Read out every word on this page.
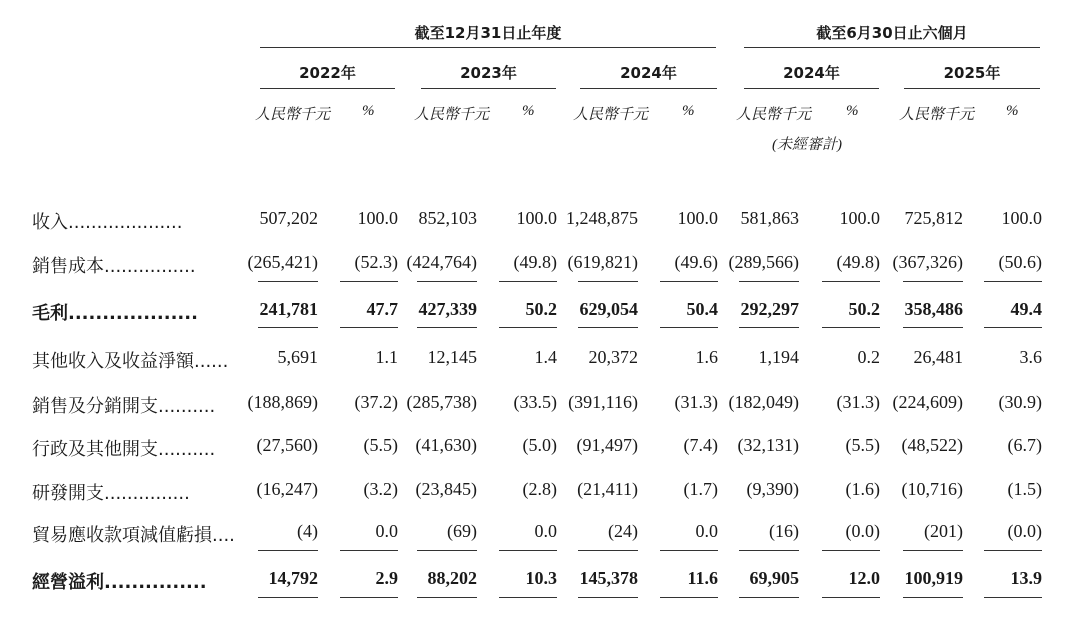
截至12月31日止年度	截至6月30日止六個月
2022年
人民幣千元 %
2023年
人民幣千元 %
2024年
人民幣千元 %
2024年
人民幣千元 %
2025年
人民幣千元 %
(未經審計)
收入....................	507,202	100.0	852,103	100.0 1,248,875	100.0	581,863	100.0	725,812	100.0
銷售成本................	(265,421)	(52.3) (424,764)	(49.8) (619,821)	(49.6) (289,566)	(49.8) (367,326)	(50.6)
毛利...................	241,781	47.7	427,339	50.2	629,054	50.4	292,297	50.2	358,486	49.4
其他收入及收益淨額......	5,691	1.1	12,145	1.4	20,372	1.6	1,194	0.2	26,481	3.6
銷售及分銷開支..........	(188,869)	(37.2) (285,738)	(33.5) (391,116)	(31.3) (182,049)	(31.3) (224,609)	(30.9)
行政及其他開支..........	(27,560)	(5.5) (41,630)	(5.0)	(91,497)	(7.4)	(32,131)	(5.5)	(48,522)	(6.7)
研發開支...............	(16,247)	(3.2) (23,845)	(2.8)	(21,411)	(1.7)	(9,390)	(1.6)	(10,716)	(1.5)
貿易應收款項減值虧損....	(4)	0.0	(69)	0.0	(24)	0.0	(16)	(0.0)	(201)	(0.0)
經營溢利...............	14,792	2.9	88,202	10.3	145,378	11.6	69,905	12.0	100,919	13.9
